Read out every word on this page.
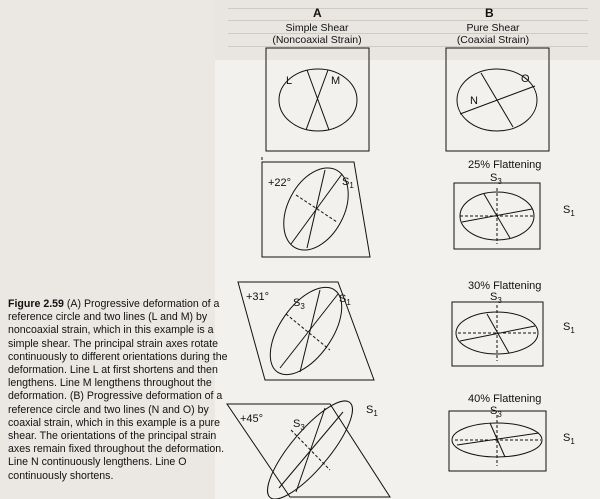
A	B
Simple Shear
(Noncoaxial Strain)
Pure Shear
(Coaxial Strain)
L	M
N
O
+22°
+31°
+45°
25% Flattening
30% Flattening
40% Flattening
$S_1$
$S_3$
$S_1$
$S_3$
$S_1$
$S_3$
$S_1$
$S_3$
$S_1$
$S_3$
$S_1$
Figure 2.59 (A) Progressive deformation of a reference circle and two lines (L and M) by noncoaxial strain, which in this example is a simple shear. The principal strain axes rotate continuously to different orientations during the deformation. Line L at first shortens and then lengthens. Line M lengthens throughout the deformation. (B) Progressive deformation of a reference circle and two lines (N and O) by coaxial strain, which in this example is a pure shear. The orientations of the principal strain axes remain fixed throughout the deformation. Line N continuously lengthens. Line O continuously shortens.
